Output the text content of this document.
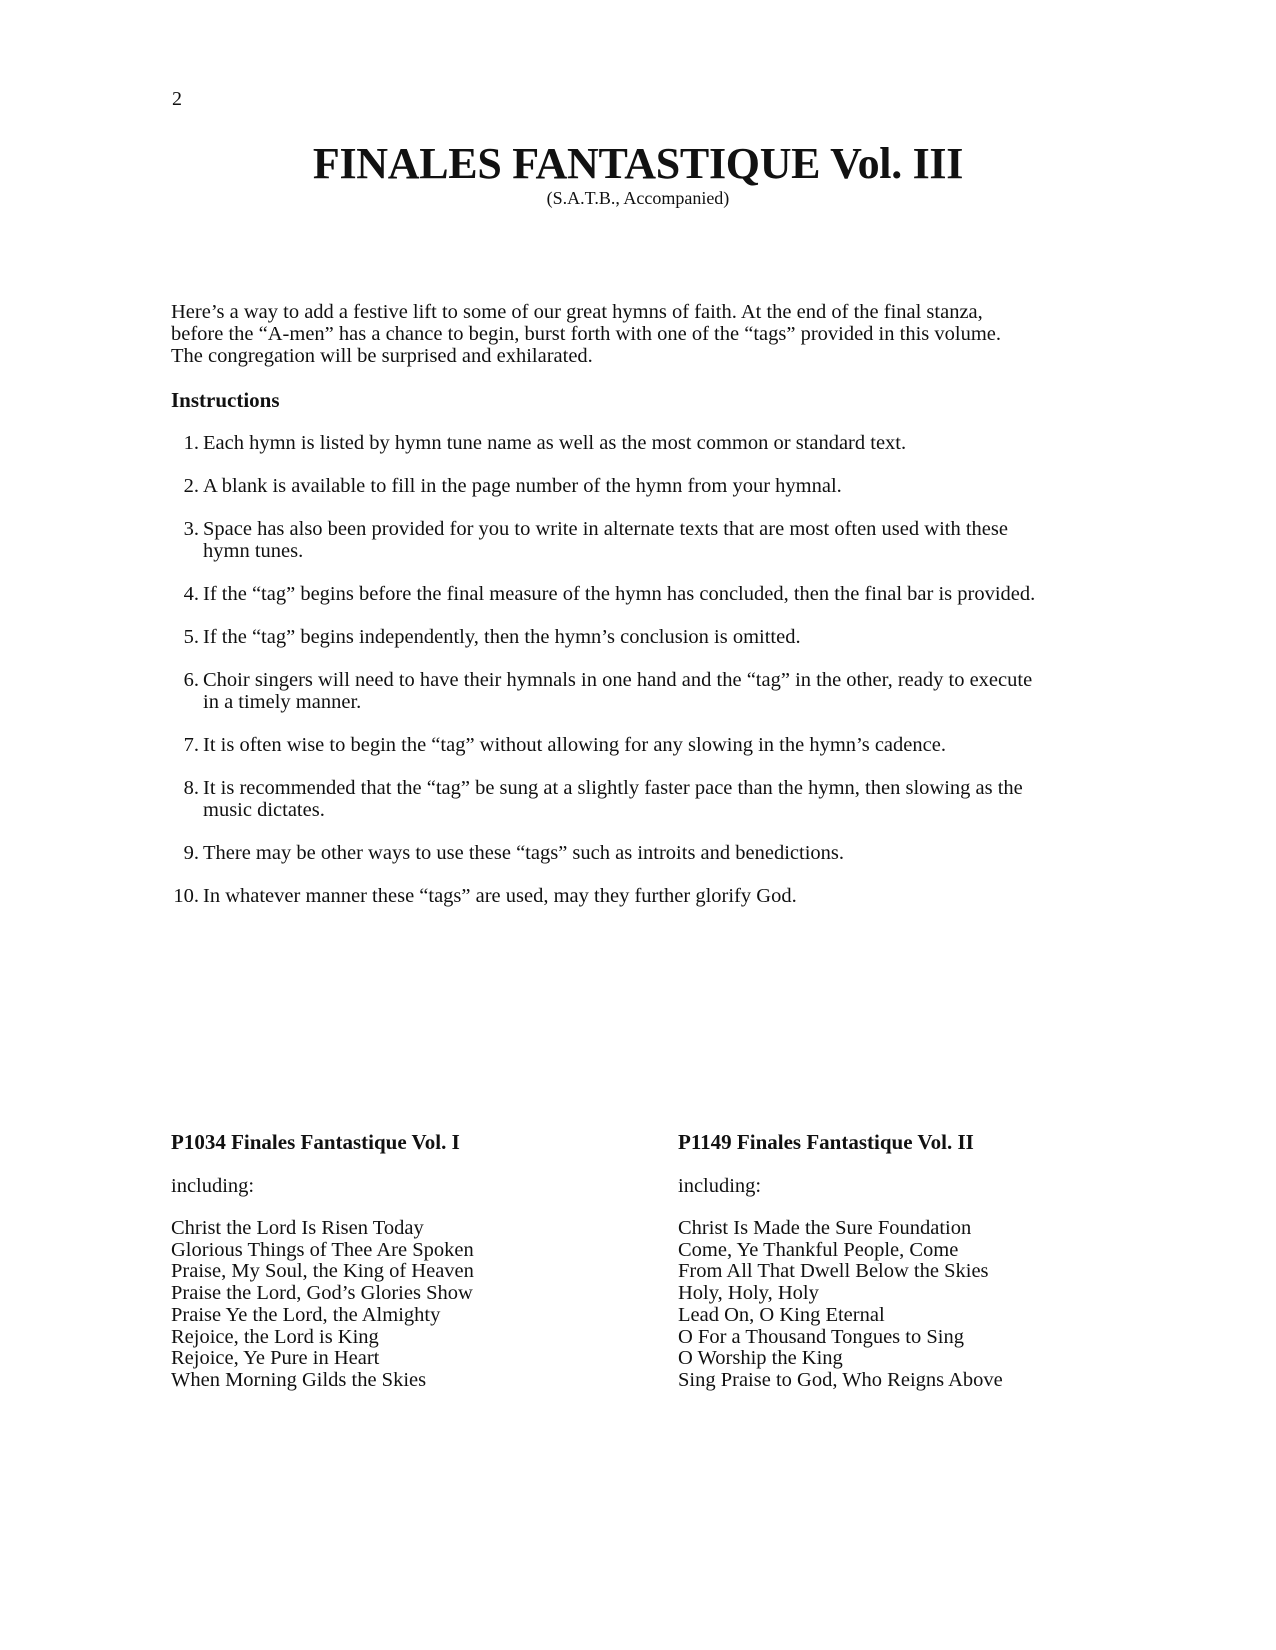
2
FINALES FANTASTIQUE Vol. III

(S.A.T.B., Accompanied)

Here’s a way to add a festive lift to some of our great hymns of faith. At the end of the final stanza, before the “A-men” has a chance to begin, burst forth with one of the “tags” provided in this volume. The congregation will be surprised and exhilarated.

Instructions
1. Each hymn is listed by hymn tune name as well as the most common or standard text.
2. A blank is available to fill in the page number of the hymn from your hymnal.
3. Space has also been provided for you to write in alternate texts that are most often used with these hymn tunes.
4. If the “tag” begins before the final measure of the hymn has concluded, then the final bar is provided.
5. If the “tag” begins independently, then the hymn’s conclusion is omitted.
6. Choir singers will need to have their hymnals in one hand and the “tag” in the other, ready to execute in a timely manner.
7. It is often wise to begin the “tag” without allowing for any slowing in the hymn’s cadence.
8. It is recommended that the “tag” be sung at a slightly faster pace than the hymn, then slowing as the music dictates.
9. There may be other ways to use these “tags” such as introits and benedictions.
10. In whatever manner these “tags” are used, may they further glorify God.
P1034 Finales Fantastique Vol. I

including:

Christ the Lord Is Risen Today
Glorious Things of Thee Are Spoken
Praise, My Soul, the King of Heaven
Praise the Lord, God’s Glories Show
Praise Ye the Lord, the Almighty
Rejoice, the Lord is King
Rejoice, Ye Pure in Heart
When Morning Gilds the Skies
P1149 Finales Fantastique Vol. II

including:

Christ Is Made the Sure Foundation
Come, Ye Thankful People, Come
From All That Dwell Below the Skies
Holy, Holy, Holy
Lead On, O King Eternal
O For a Thousand Tongues to Sing
O Worship the King
Sing Praise to God, Who Reigns Above
